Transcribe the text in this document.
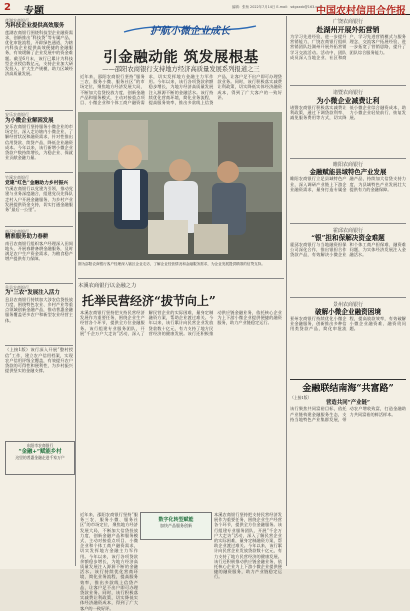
2 专题	编辑：张杨 2022年7月14日 E-mail：sdgxzxb@163.com
中国农村信用合作报
莲湖农商银行
为科技企业提供高效服务
莲湖农商银行围绕科技型企业融资需求，创新推出“科技贷”等专属产品，优化审批流程，开辟绿色通道，为辖内科技企业提供高效便捷的金融服务，有效缓解了企业发展中的资金难题。截至6月末，该行已累计为科技型企业授信数亿元，支持企业加大研发投入、扩大生产规模，助力区域经济高质量发展。
安乐农商银行
为小微企业解困发展
安乐农商银行坚持服务小微企业的市场定位，深入走访辖内小微企业，了解经营状况和融资需求，针对性推出信用贷款、续贷产品，降低企业融资成本。今年以来，该行新增小微企业贷款户数持续增长，为稳企业、保就业贡献金融力量。
竹溪农商银行
党建“红色”金融助力乡村振兴
竹溪农商银行以党建为引领，推动党建与业务深度融合，组建党员先锋队走村入户开展金融服务，为乡村产业发展提供资金支持，切实打通金融服务“最后一公里”。
南召农商银行
精准服务助力春耕
南召农商银行组织客户经理深入田间地头，开展春耕备耕金融服务，及时满足农户生产资金需求，为粮食稳产增产提供有力保障。
息县农商银行
为“三农”发展注入活力
息县农商银行持续加大涉农信贷投放力度，围绕特色农业、乡村产业等重点领域创新金融产品，推动普惠金融服务覆盖更多农户和新型农业经营主体。
（上接1版）该行深入开展“整村授信”工作，建立农户信用档案，实现农户信用评级全覆盖，有效提升农户贷款的可得性和便利性，为乡村振兴提供坚实的金融支撑。
东阳市农商银行
“金融+”赋能乡村
这里的普惠金融走进千家万户
护航小微企业成长
引金融动能 筑发展根基
——邵阳农商银行支持地方经济高质量发展系列报道之三
近年来，邵阳农商银行坚持“服务三农、服务小微、服务社区”的市场定位，聚焦地方经济发展大局，不断加大信贷投放力度，创新金融产品和服务模式，主动对接重点项目、小微企业和个体工商户融资需求，切实发挥地方金融主力军作用。今年以来，该行各项贷款余额稳步增长，为地方经济高质量发展注入源源不断的金融活水。该行持续优化营商环境，简化业务流程，提高服务效率，推出多款线上信贷产品，让客户足不出户即可办理贷款业务。同时，该行积极落实减费让利政策，切实降低实体经济融资成本，得到了广大客户的一致好评。
图为邵阳农商银行客户经理深入辖区企业走访，了解企业经营情况和金融服务需求，为企业发展提供精准的信贷支持。
本溪农商银行以金融之力
托举民营经济“拔节向上”
本溪农商银行坚持把支持民营经济发展作为重要任务，围绕企业生产经营各个环节，提供全方位金融服务。该行组建专业服务团队，开展“千企万户大走访”活动，深入了解民营企业的实际困难，量身定制融资方案，帮助企业渡过难关。今年以来，该行累计向民营企业发放贷款数十亿元，有力支持了地方民营经济的健康发展。该行还积极推动供应链金融业务，依托核心企业为上下游小微企业提供便捷的融资服务，助力产业链稳定运行。
数字化转型赋能
加快产品服务创新
近年来，邵阳农商银行坚持“服务三农、服务小微、服务社区”的市场定位，聚焦地方经济发展大局，不断加大信贷投放力度，创新金融产品和服务模式，主动对接重点项目、小微企业和个体工商户融资需求，切实发挥地方金融主力军作用。今年以来，该行各项贷款余额稳步增长，为地方经济高质量发展注入源源不断的金融活水。该行持续优化营商环境，简化业务流程，提高服务效率，推出多款线上信贷产品，让客户足不出户即可办理贷款业务。同时，该行积极落实减费让利政策，切实降低实体经济融资成本，得到了广大客户的一致好评。
本溪农商银行坚持把支持民营经济发展作为重要任务，围绕企业生产经营各个环节，提供全方位金融服务。该行组建专业服务团队，开展“千企万户大走访”活动，深入了解民营企业的实际困难，量身定制融资方案，帮助企业渡过难关。今年以来，该行累计向民营企业发放贷款数十亿元，有力支持了地方民营经济的健康发展。该行还积极推动供应链金融业务，依托核心企业为上下游小微企业提供便捷的融资服务，助力产业链稳定运行。
广饶农商银行
赴湖州开展外拓营销
为学习先进经验，进一步提升营销能力，广饶农商银行组织营销团队赴湖州开展外拓营销学习交流活动。活动中，团队成员深入当地企业、社区和商户，学习先进营销模式与服务理念，交流客户拓展经验，进一步拓宽了营销思路，提升了团队综合服务能力。
诸暨农商银行
为小微企业减费让利
诸暨农商银行积极落实减费让利政策，通过下调贷款利率、减免服务费用等方式，切实降低小微企业综合融资成本，助力小微企业轻装前行、恢复发展。
睢阳农商银行
金融赋能县域特色产业发展
睢阳农商银行立足县域特色产业，深入调研产业链上下游企业融资需求，量身打造专属金融产品，持续加大信贷支持力度，为县域特色产业发展壮大提供有力的金融保障。
霍邱农商银行
“银”担和保解决资金难题
霍邱农商银行与当地融资担保公司深化合作，推出银担合作贷款产品，有效解决小微企业和个体工商户担保难、融资难问题，为实体经济发展注入金融活水。
景州农商银行
破解小微企业融资困境
景州农商银行持续优化小微企业金融服务，创新推出多种信用类贷款产品，简化审批流程，提高放款效率，有效破解小微企业融资难、融资贵问题。
金融联结南海“共富路”
（上接1版）
营造共同“产业链”
该行聚焦共同富裕目标，依托产业链构建金融服务生态，支持当地特色产业集群发展，带动农户增收致富，打造金融助力共同富裕的鲜活样本。
